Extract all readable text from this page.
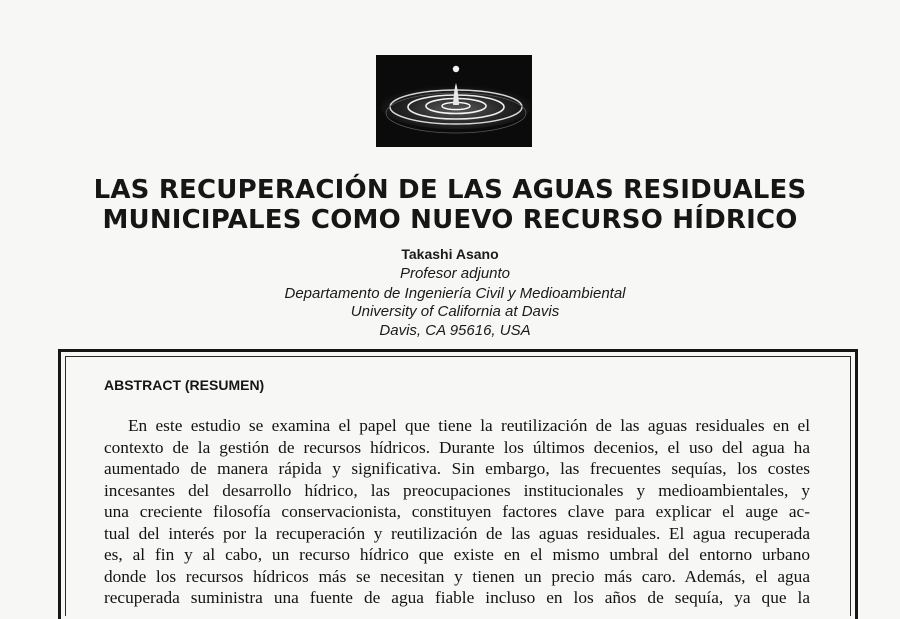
LAS RECUPERACIÓN DE LAS AGUAS RESIDUALES
MUNICIPALES COMO NUEVO RECURSO HÍDRICO
Takashi Asano
Profesor adjunto
Departamento de Ingeniería Civil y Medioambiental
University of California at Davis
Davis, CA 95616, USA
ABSTRACT (RESUMEN)

En este estudio se examina el papel que tiene la reutilización de las aguas residuales en el
contexto de la gestión de recursos hídricos. Durante los últimos decenios, el uso del agua ha
aumentado de manera rápida y significativa. Sin embargo, las frecuentes sequías, los costes
incesantes del desarrollo hídrico, las preocupaciones institucionales y medioambientales, y
una creciente filosofía conservacionista, constituyen factores clave para explicar el auge ac-
tual del interés por la recuperación y reutilización de las aguas residuales. El agua recuperada
es, al fin y al cabo, un recurso hídrico que existe en el mismo umbral del entorno urbano
donde los recursos hídricos más se necesitan y tienen un precio más caro. Además, el agua
recuperada suministra una fuente de agua fiable incluso en los años de sequía, ya que la
